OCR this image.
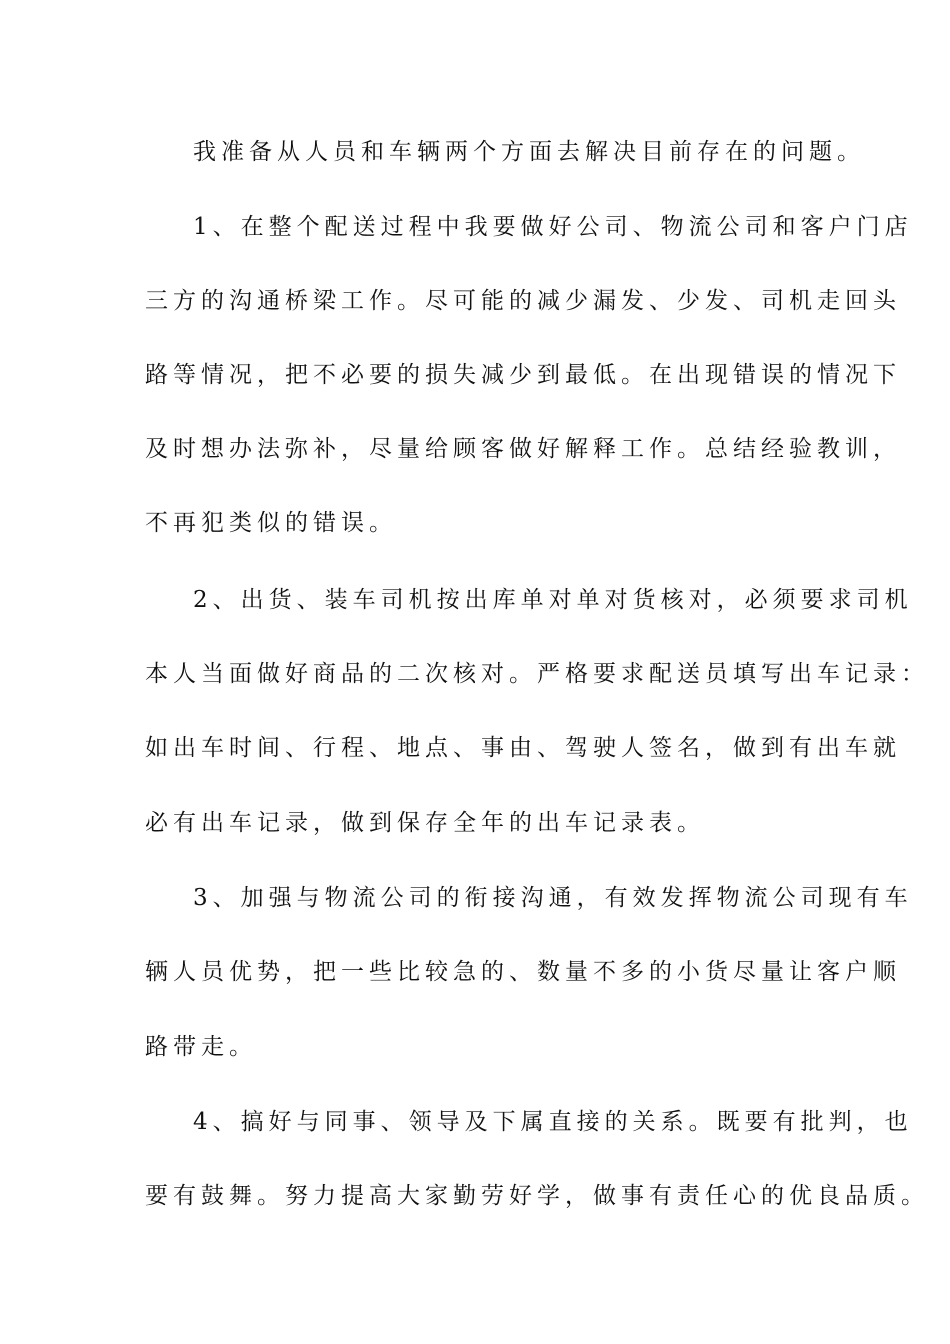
我准备从人员和车辆两个方面去解决目前存在的问题。

1、在整个配送过程中我要做好公司、物流公司和客户门店

三方的沟通桥梁工作。尽可能的减少漏发、少发、司机走回头

路等情况，把不必要的损失减少到最低。在出现错误的情况下

及时想办法弥补，尽量给顾客做好解释工作。总结经验教训，

不再犯类似的错误。

2、出货、装车司机按出库单对单对货核对，必须要求司机

本人当面做好商品的二次核对。严格要求配送员填写出车记录：

如出车时间、行程、地点、事由、驾驶人签名，做到有出车就

必有出车记录，做到保存全年的出车记录表。

3、加强与物流公司的衔接沟通，有效发挥物流公司现有车

辆人员优势，把一些比较急的、数量不多的小货尽量让客户顺

路带走。

4、搞好与同事、领导及下属直接的关系。既要有批判，也

要有鼓舞。努力提高大家勤劳好学，做事有责任心的优良品质。
